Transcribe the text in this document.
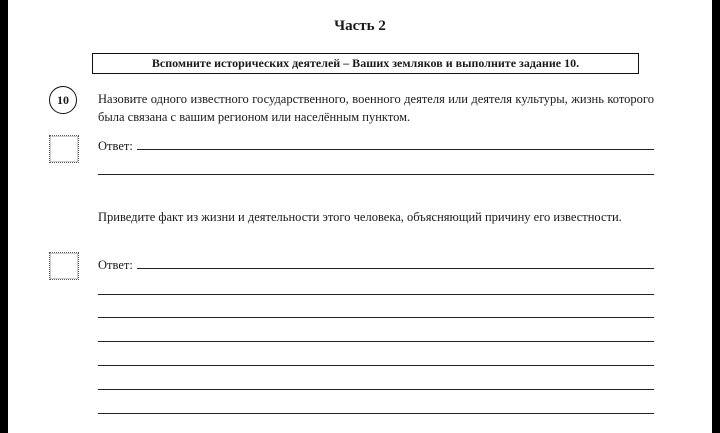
Часть 2
Вспомните исторических деятелей – Ваших земляков и выполните задание 10.
10	Назовите одного известного государственного, военного деятеля или деятеля культуры, жизнь которого была связана с вашим регионом или населённым пунктом.
Ответ:
Приведите факт из жизни и деятельности этого человека, объясняющий причину его известности.
Ответ:
